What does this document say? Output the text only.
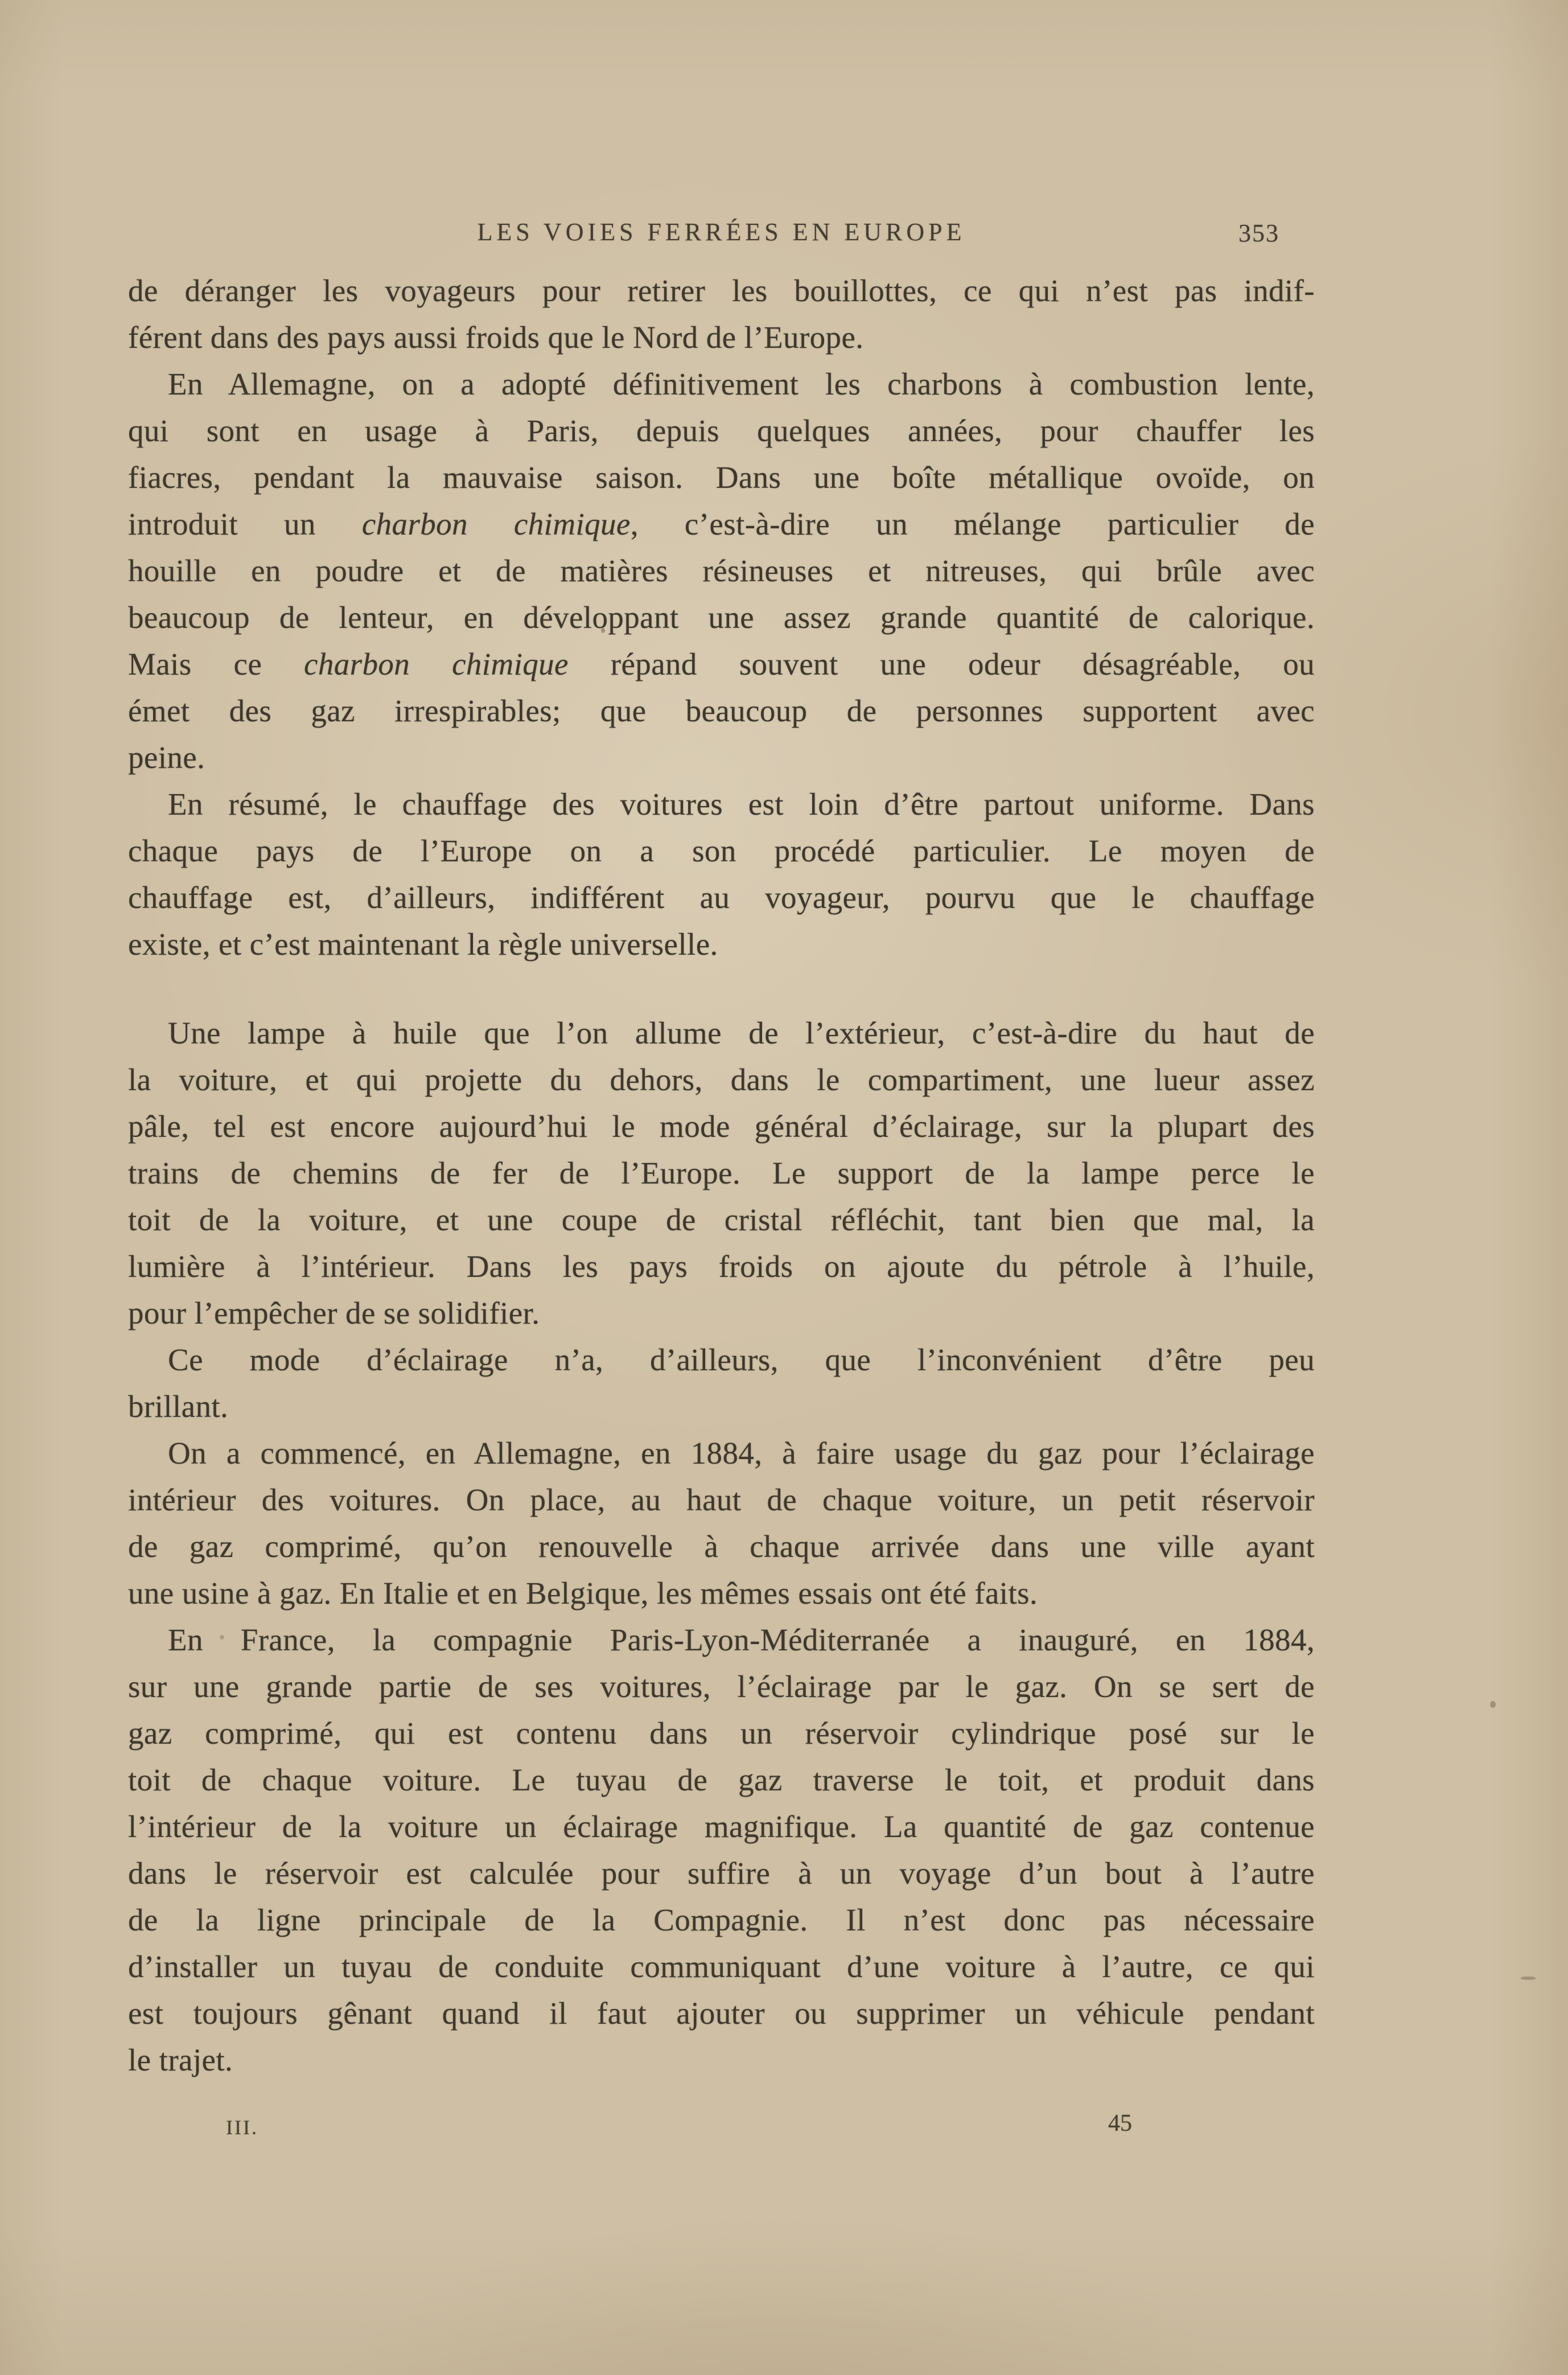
LES VOIES FERRÉES EN EUROPE	353
de déranger les voyageurs pour retirer les bouillottes, ce qui n’est pas indif-
férent dans des pays aussi froids que le Nord de l’Europe.
En Allemagne, on a adopté définitivement les charbons à combustion lente,
qui sont en usage à Paris, depuis quelques années, pour chauffer les
fiacres, pendant la mauvaise saison. Dans une boîte métallique ovoïde, on
introduit un charbon chimique, c’est-à-dire un mélange particulier de
houille en poudre et de matières résineuses et nitreuses, qui brûle avec
beaucoup de lenteur, en développant une assez grande quantité de calorique.
Mais ce charbon chimique répand souvent une odeur désagréable, ou
émet des gaz irrespirables; que beaucoup de personnes supportent avec
peine.
En résumé, le chauffage des voitures est loin d’être partout uniforme. Dans
chaque pays de l’Europe on a son procédé particulier. Le moyen de
chauffage est, d’ailleurs, indifférent au voyageur, pourvu que le chauffage
existe, et c’est maintenant la règle universelle.
Une lampe à huile que l’on allume de l’extérieur, c’est-à-dire du haut de
la voiture, et qui projette du dehors, dans le compartiment, une lueur assez
pâle, tel est encore aujourd’hui le mode général d’éclairage, sur la plupart des
trains de chemins de fer de l’Europe. Le support de la lampe perce le
toit de la voiture, et une coupe de cristal réfléchit, tant bien que mal, la
lumière à l’intérieur. Dans les pays froids on ajoute du pétrole à l’huile,
pour l’empêcher de se solidifier.
Ce mode d’éclairage n’a, d’ailleurs, que l’inconvénient d’être peu
brillant.
On a commencé, en Allemagne, en 1884, à faire usage du gaz pour l’éclairage
intérieur des voitures. On place, au haut de chaque voiture, un petit réservoir
de gaz comprimé, qu’on renouvelle à chaque arrivée dans une ville ayant
une usine à gaz. En Italie et en Belgique, les mêmes essais ont été faits.
En France, la compagnie Paris-Lyon-Méditerranée a inauguré, en 1884,
sur une grande partie de ses voitures, l’éclairage par le gaz. On se sert de
gaz comprimé, qui est contenu dans un réservoir cylindrique posé sur le
toit de chaque voiture. Le tuyau de gaz traverse le toit, et produit dans
l’intérieur de la voiture un éclairage magnifique. La quantité de gaz contenue
dans le réservoir est calculée pour suffire à un voyage d’un bout à l’autre
de la ligne principale de la Compagnie. Il n’est donc pas nécessaire
d’installer un tuyau de conduite communiquant d’une voiture à l’autre, ce qui
est toujours gênant quand il faut ajouter ou supprimer un véhicule pendant
le trajet.
III.	45
